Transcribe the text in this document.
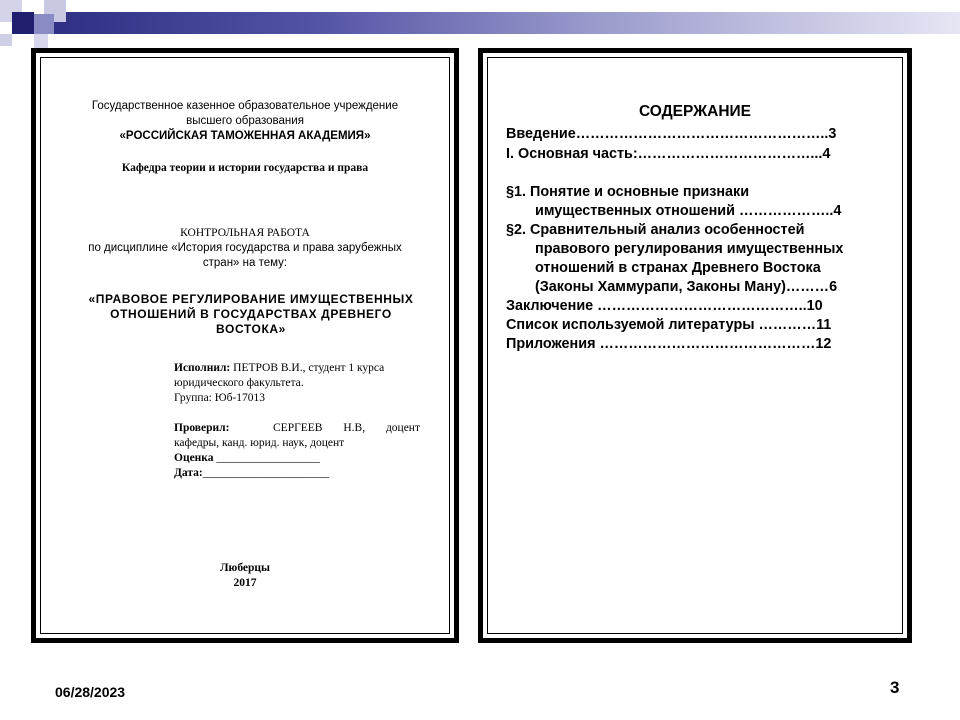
Государственное казенное образовательное учреждение
высшего образования
«РОССИЙСКАЯ ТАМОЖЕННАЯ АКАДЕМИЯ»
Кафедра теории и истории государства и права
КОНТРОЛЬНАЯ РАБОТА
по дисциплине «История государства и права зарубежных
стран» на тему:
«ПРАВОВОЕ РЕГУЛИРОВАНИЕ ИМУЩЕСТВЕННЫХ
ОТНОШЕНИЙ В ГОСУДАРСТВАХ ДРЕВНЕГО
ВОСТОКА»
Исполнил: ПЕТРОВ В.И., студент 1 курса
юридического факультета.
Группа: Юб-17013
Проверил:	СЕРГЕЕВ Н.В, доцент
кафедры, канд. юрид. наук, доцент
Оценка __________________
Дата:______________________
Люберцы
2017
СОДЕРЖАНИЕ
Введение……………………………………………..3
I. Основная часть:………………………………...4
§1. Понятие и основные признаки
имущественных отношений ………………..4
§2. Сравнительный анализ особенностей
правового регулирования имущественных
отношений в странах Древнего Востока
(Законы Хаммурапи, Законы Ману)………6
Заключение ……………………………………..10
Список используемой литературы …………11
Приложения ………………………………………12
06/28/2023	3
